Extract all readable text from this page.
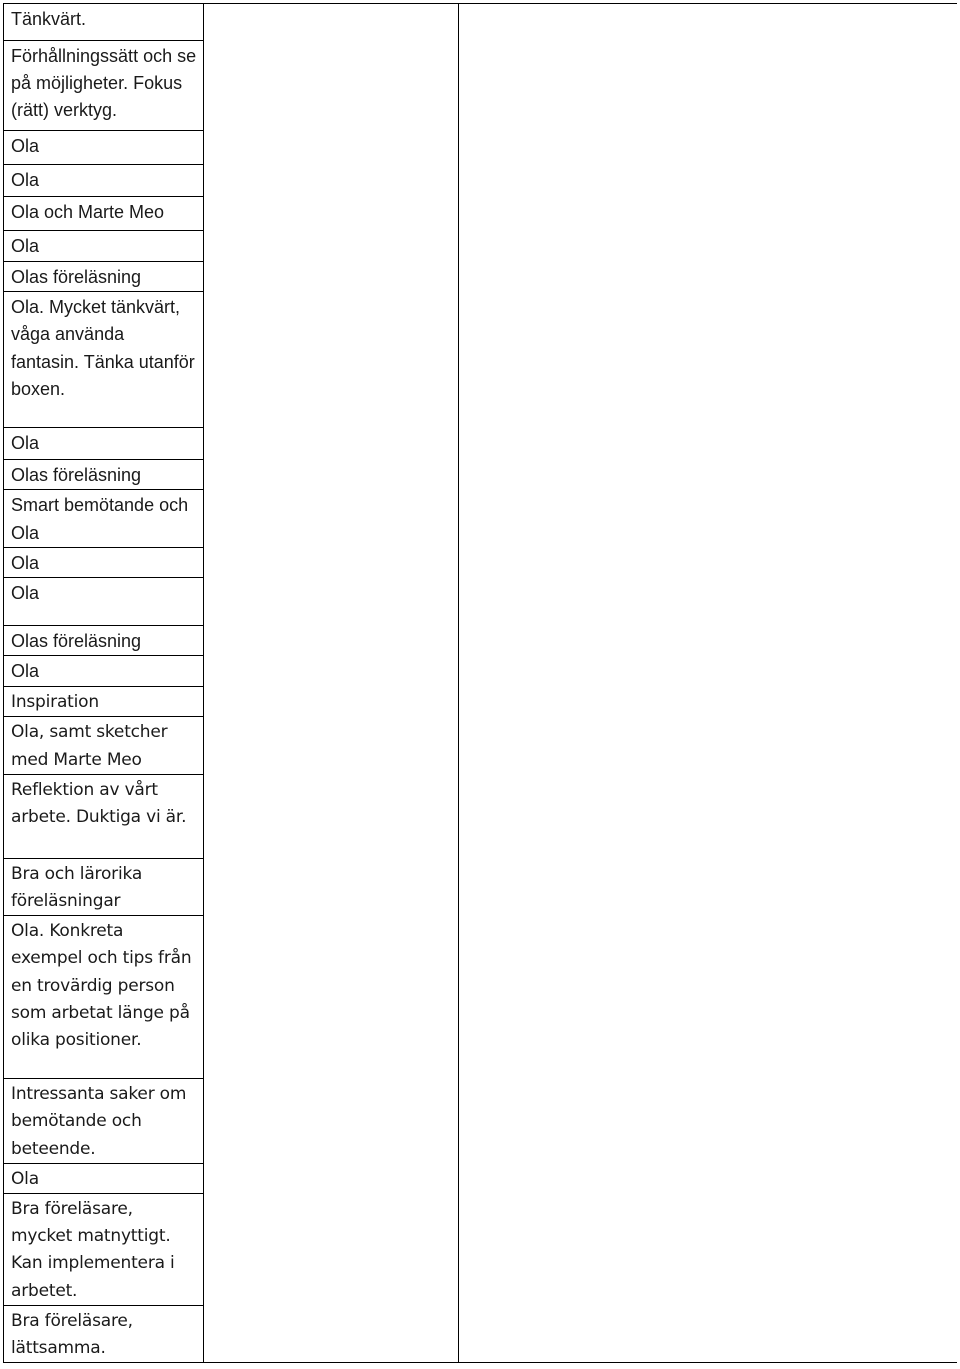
Tänkvärt.

Förhållningssätt och se på möjligheter. Fokus (rätt) verktyg.

Ola

Ola

Ola och Marte Meo

Ola

Olas föreläsning

Ola. Mycket tänkvärt, våga använda fantasin. Tänka utanför boxen.

Ola

Olas föreläsning

Smart bemötande och Ola

Ola

Ola

Olas föreläsning

Ola

Inspiration

Ola, samt sketcher med Marte Meo

Reflektion av vårt arbete. Duktiga vi är.

Bra och lärorika föreläsningar

Ola. Konkreta exempel och tips från en trovärdig person som arbetat länge på olika positioner.

Intressanta saker om bemötande och beteende.

Ola

Bra föreläsare, mycket matnyttigt. Kan implementera i arbetet.

Bra föreläsare, lättsamma.
